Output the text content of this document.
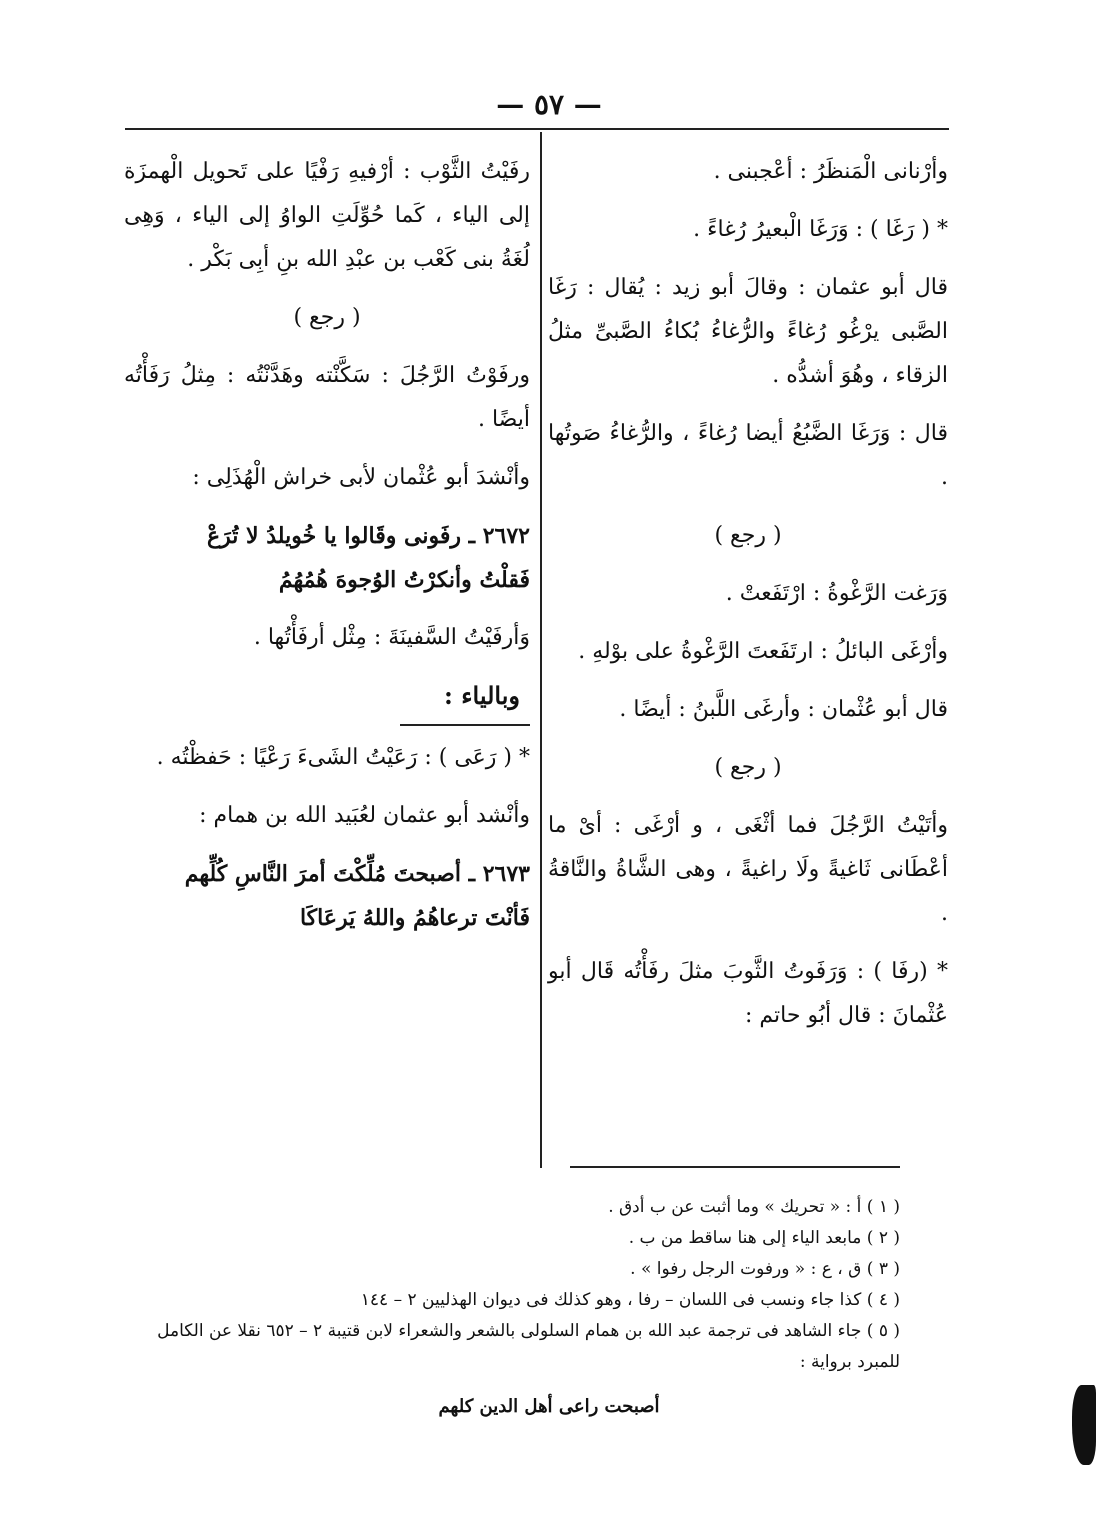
— ٥٧ —

وأرْنانى الْمَنظَرُ : أعْجبنى .

* ( رَغَا ) : وَرَغَا الْبعيرُ رُغاءً .

قال أبو عثمان : وقالَ أبو زيد : يُقال : رَغَا الصَّبى يرْغُو رُغاءً والرُّغاءُ بُكاءُ الصَّبىِّ مثلُ الزقاء ، وهُوَ أشدُّه .

قال : وَرَغَا الضَّبُعُ أيضا رُغاءً ، والرُّغاءُ صَوتُها .

( رجع )

وَرَغت الرَّغْوةُ : ارْتَفَعتْ .

وأرْغَى البائلُ : ارتَفَعتَ الرَّغْوةُ على بوْلهِ .

قال أبو عُثْمان : وأرغَى اللَّبنُ : أيضًا .

( رجع )

وأتَيْتُ الرَّجُلَ فما أثْغَى ، و أرْغَى : أىْ ما أعْطَانى ثَاغيةً ولَا راغيةً ، وهى الشَّاةُ والنَّاقةُ .

* (رفَا ) : وَرَفَوتُ الثَّوبَ مثلَ رفَأْتُه قَال أبو عُثْمانَ : قال أبُو حاتم :

رفَيْتُ الثَّوْب : أرْفيهِ رَفْيًا على تَحويل الْهمزَة إلى الياء ، كَما حُوِّلَتِ الواوُ إلى الياء ، وَهِى لُغَةُ بنى كَعْب بن عبْدِ الله بنِ أبِى بَكْر .

( رجع )

ورفَوْتُ الرَّجُلَ : سَكَّنْته وهَدَّنْتُه : مِثلُ رَفَأْتُه أيضًا .

وأنْشدَ أبو عُثْمان لأبى خراش الْهُذَلِى :

٢٦٧٢ ـ رفَونى وقَالوا يا خُويلدُ لا تُرَعْ
فَقلْتُ وأنكرْتُ الوُجوهَ هُمُهُمُ

وَأرفَيْتُ السَّفينَةَ : مِثْل أرفَأْتُها .

وبالياء :

* ( رَعَى ) : رَعَيْتُ الشَىءَ رَعْيًا : حَفظْتُه .

وأنْشد أبو عثمان لعُبَيد الله بن همام :

٢٦٧٣ ـ أصبحتَ مُلِّكْتَ أمرَ النَّاسِ كُلِّهم
فَأنْتَ ترعاهُمُ واللهُ يَرعَاكَا
( ١ ) أ : « تحريك » وما أثبت عن ب أدق .
( ٢ ) مابعد الياء إلى هنا ساقط من ب .
( ٣ ) ق ، ع : « ورفوت الرجل رفوا » .
( ٤ ) كذا جاء ونسب فى اللسان – رفا ، وهو كذلك فى ديوان الهذليين ٢ – ١٤٤
( ٥ ) جاء الشاهد فى ترجمة عبد الله بن همام السلولى بالشعر والشعراء لابن قتيبة ٢ – ٦٥٢ نقلا عن الكامل للمبرد برواية :
أصبحت راعى أهل الدين كلهم
